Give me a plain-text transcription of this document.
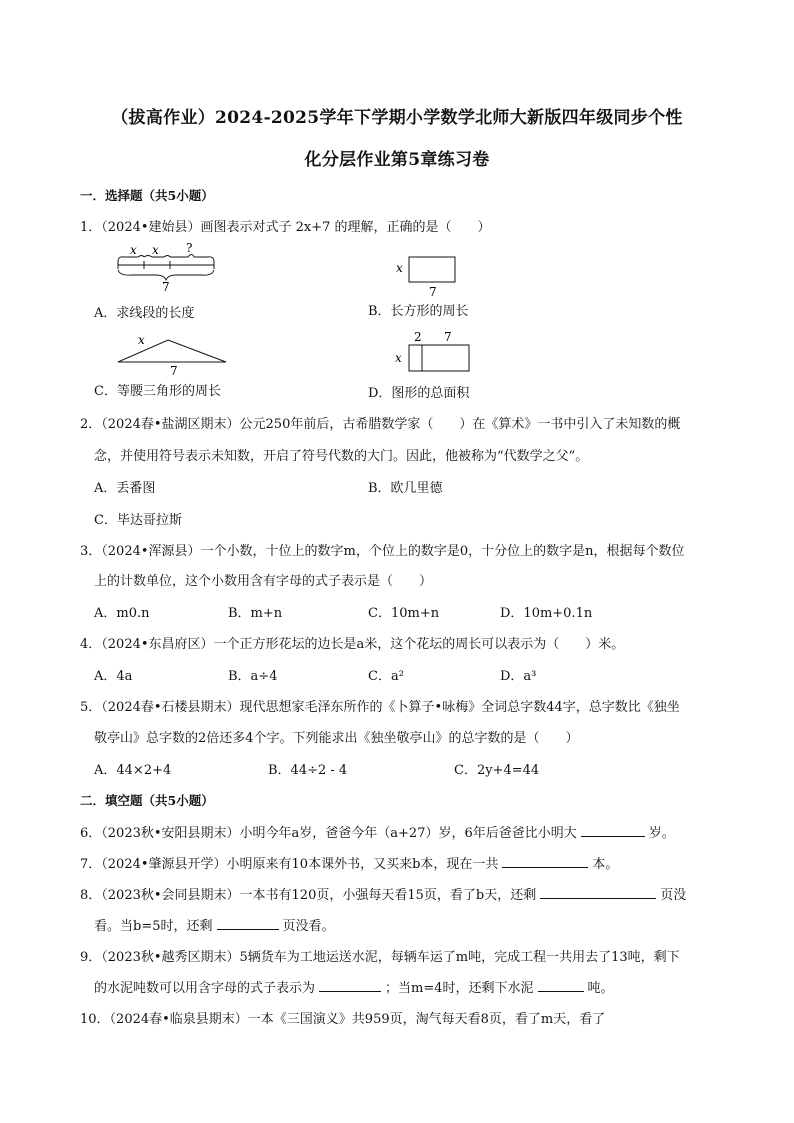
（拔高作业）2024-2025学年下学期小学数学北师大新版四年级同步个性
化分层作业第5章练习卷
一．选择题（共5小题）
1．（2024•建始县）画图表示对式子 2x+7 的理解，正确的是（　　）
x x ?
7
x
7
A．求线段的长度	B．长方形的周长
x
7
2 7
x
C．等腰三角形的周长	D．图形的总面积
2．（2024春•盐湖区期末）公元250年前后，古希腊数学家（　　）在《算术》一书中引入了未知数的概
念，并使用符号表示未知数，开启了符号代数的大门。因此，他被称为“代数学之父”。
A．丢番图	B．欧几里德
C．毕达哥拉斯
3．（2024•浑源县）一个小数，十位上的数字m，个位上的数字是0，十分位上的数字是n，根据每个数位
上的计数单位，这个小数用含有字母的式子表示是（　　）
A．m0.n	B．m+n	C．10m+n	D．10m+0.1n
4．（2024•东昌府区）一个正方形花坛的边长是a米，这个花坛的周长可以表示为（　　）米。
A．4a	B．a÷4	C．a²	D．a³
5．（2024春•石楼县期末）现代思想家毛泽东所作的《卜算子•咏梅》全词总字数44字，总字数比《独坐
敬亭山》总字数的2倍还多4个字。下列能求出《独坐敬亭山》的总字数的是（　　）
A．44×2+4	B．44÷2 - 4	C．2y+4=44
二．填空题（共5小题）
6．（2023秋•安阳县期末）小明今年a岁，爸爸今年（a+27）岁，6年后爸爸比小明大	岁。
7．（2024•肇源县开学）小明原来有10本课外书，又买来b本，现在一共	本。
8．（2023秋•会同县期末）一本书有120页，小强每天看15页，看了b天，还剩	页没
看。当b=5时，还剩	页没看。
9．（2023秋•越秀区期末）5辆货车为工地运送水泥，每辆车运了m吨，完成工程一共用去了13吨，剩下
的水泥吨数可以用含字母的式子表示为	；当m=4时，还剩下水泥	吨。
10．（2024春•临泉县期末）一本《三国演义》共959页，淘气每天看8页，看了m天，看了
